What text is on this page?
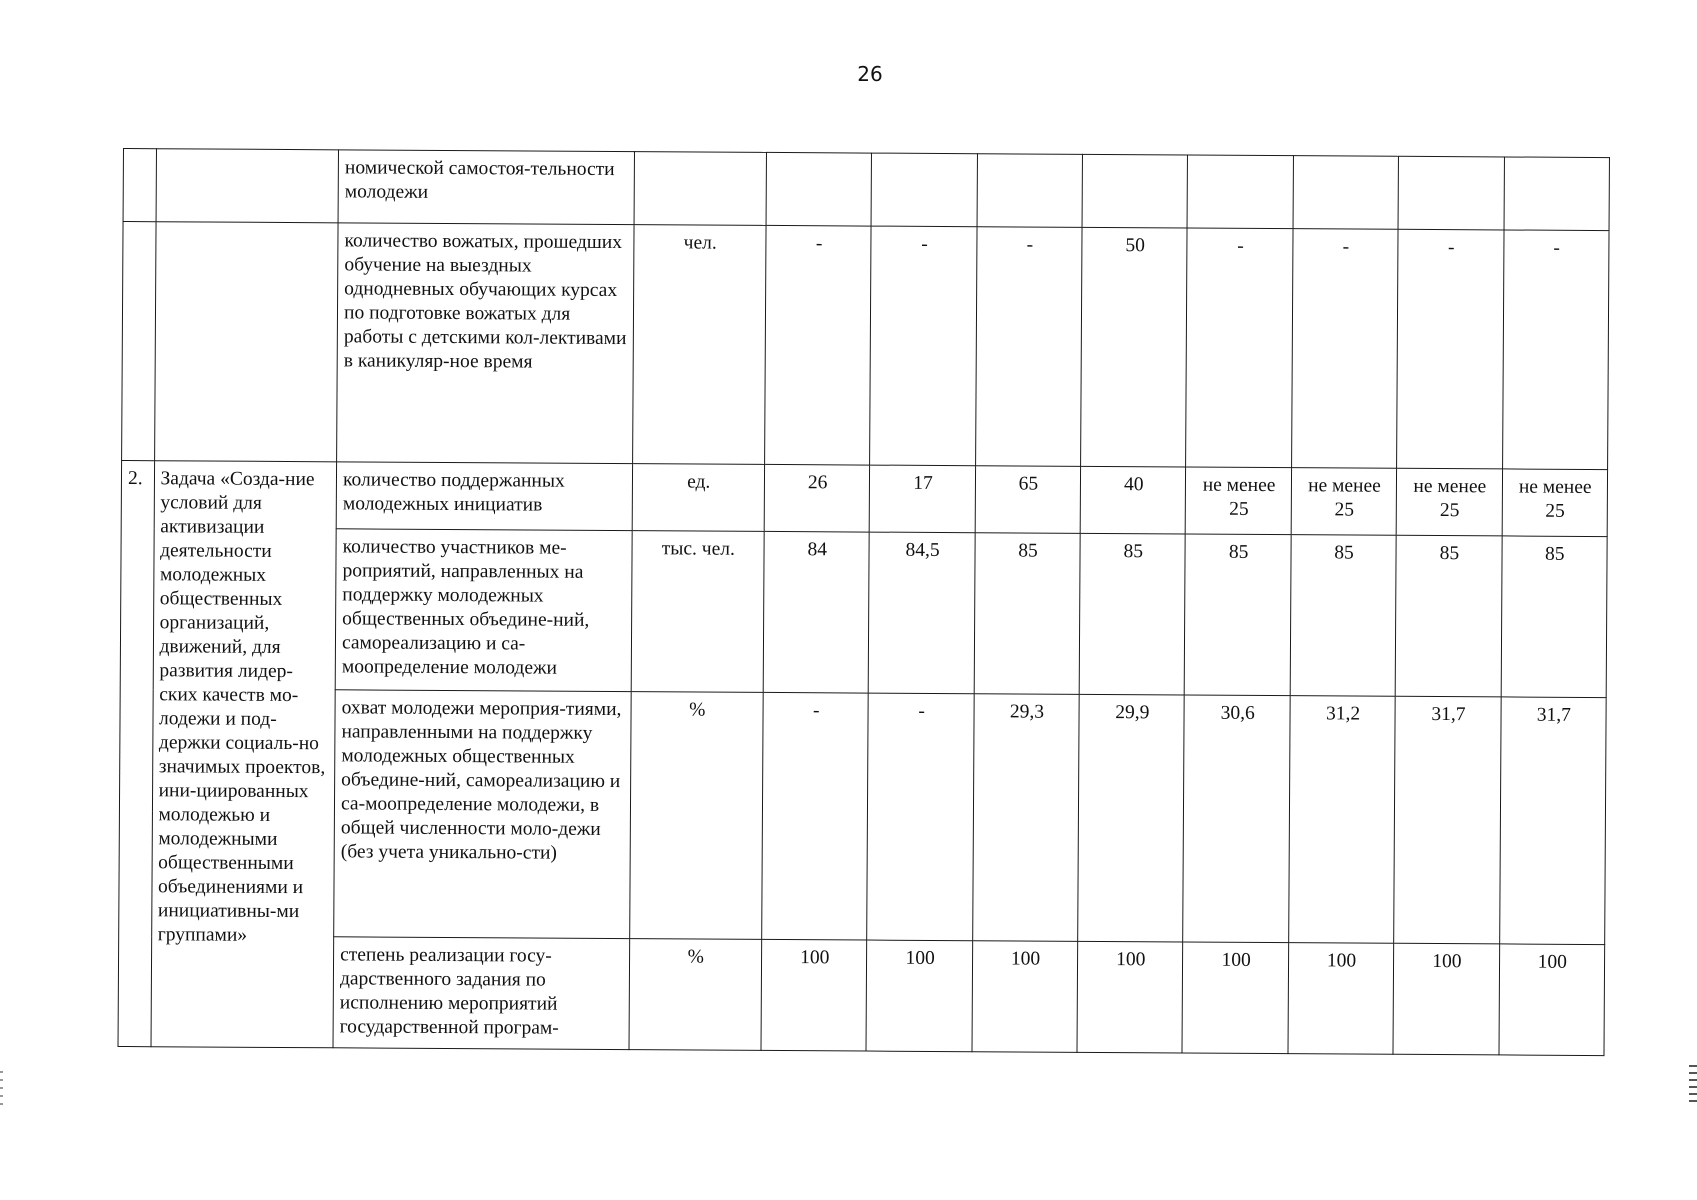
26
		номической самостоя-тельности молодежи									
		количество вожатых, прошедших обучение на выездных однодневных обучающих курсах по подготовке вожатых для работы с детскими кол-лективами в каникуляр-ное время	чел.	-	-	-	50	-	-	-	-
2.	Задача «Созда-ние условий для активизации деятельности молодежных общественных организаций, движений, для развития лидер-ских качеств мо-лодежи и под-держки социаль-но значимых проектов, ини-циированных молодежью и молодежными общественными объединениями и инициативны-ми группами»	количество поддержанных молодежных инициатив	ед.	26	17	65	40	не менее 25	не менее 25	не менее 25	не менее 25
		количество участников ме-роприятий, направленных на поддержку молодежных общественных объедине-ний, самореализацию и са-моопределение молодежи	тыс. чел.	84	84,5	85	85	85	85	85	85
		охват молодежи мероприя-тиями, направленными на поддержку молодежных общественных объедине-ний, самореализацию и са-моопределение молодежи, в общей численности моло-дежи (без учета уникально-сти)	%	-	-	29,3	29,9	30,6	31,2	31,7	31,7
		степень реализации госу-дарственного задания по исполнению мероприятий государственной програм-	%	100	100	100	100	100	100	100	100
